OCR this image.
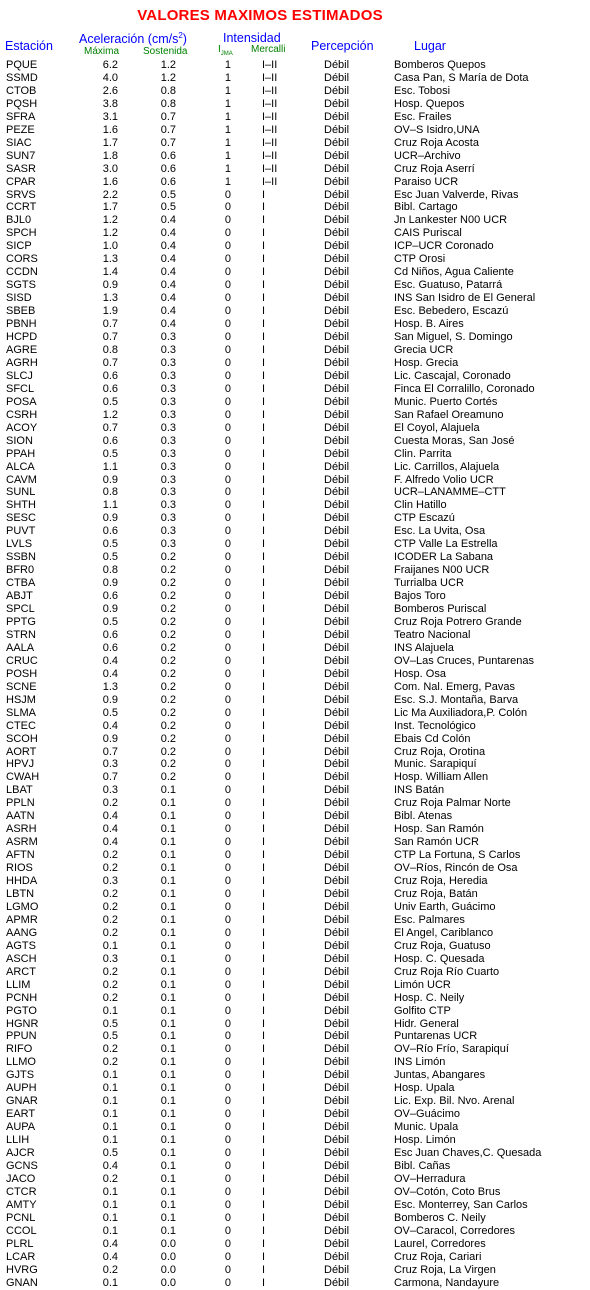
VALORES MAXIMOS ESTIMADOS
Estación Aceleración $(cm/s^2)$
Máxima Sostenida
Intensidad
$I_{JMA}$ Mercalli Percepción	Lugar
PQUE	6.2	1.2	1	I–II	Débil	Bomberos Quepos
SSMD	4.0	1.2	1	I–II	Débil	Casa Pan, S María de Dota
CTOB	2.6	0.8	1	I–II	Débil	Esc. Tobosi
PQSH	3.8	0.8	1	I–II	Débil	Hosp. Quepos
SFRA	3.1	0.7	1	I–II	Débil	Esc. Frailes
PEZE	1.6	0.7	1	I–II	Débil	OV–S Isidro,UNA
SIAC	1.7	0.7	1	I–II	Débil	Cruz Roja Acosta
SUN7	1.8	0.6	1	I–II	Débil	UCR–Archivo
SASR	3.0	0.6	1	I–II	Débil	Cruz Roja Aserrí
CPAR	1.6	0.6	1	I–II	Débil	Paraiso UCR
SRVS	2.2	0.5	0	I	Débil	Esc Juan Valverde, Rivas
CCRT	1.7	0.5	0	I	Débil	Bibl. Cartago
BJL0	1.2	0.4	0	I	Débil	Jn Lankester N00 UCR
SPCH	1.2	0.4	0	I	Débil	CAIS Puriscal
SICP	1.0	0.4	0	I	Débil	ICP–UCR Coronado
CORS	1.3	0.4	0	I	Débil	CTP Orosi
CCDN	1.4	0.4	0	I	Débil	Cd Niños, Agua Caliente
SGTS	0.9	0.4	0	I	Débil	Esc. Guatuso, Patarrá
SISD	1.3	0.4	0	I	Débil	INS San Isidro de El General
SBEB	1.9	0.4	0	I	Débil	Esc. Bebedero, Escazú
PBNH	0.7	0.4	0	I	Débil	Hosp. B. Aires
HCPD	0.7	0.3	0	I	Débil	San Miguel, S. Domingo
AGRE	0.8	0.3	0	I	Débil	Grecia UCR
AGRH	0.7	0.3	0	I	Débil	Hosp. Grecia
SLCJ	0.6	0.3	0	I	Débil	Lic. Cascajal, Coronado
SFCL	0.6	0.3	0	I	Débil	Finca El Corralillo, Coronado
POSA	0.5	0.3	0	I	Débil	Munic. Puerto Cortés
CSRH	1.2	0.3	0	I	Débil	San Rafael Oreamuno
ACOY	0.7	0.3	0	I	Débil	El Coyol, Alajuela
SION	0.6	0.3	0	I	Débil	Cuesta Moras, San José
PPAH	0.5	0.3	0	I	Débil	Clin. Parrita
ALCA	1.1	0.3	0	I	Débil	Lic. Carrillos, Alajuela
CAVM	0.9	0.3	0	I	Débil	F. Alfredo Volio UCR
SUNL	0.8	0.3	0	I	Débil	UCR–LANAMME–CTT
SHTH	1.1	0.3	0	I	Débil	Clin Hatillo
SESC	0.9	0.3	0	I	Débil	CTP Escazú
PUVT	0.6	0.3	0	I	Débil	Esc. La Uvita, Osa
LVLS	0.5	0.3	0	I	Débil	CTP Valle La Estrella
SSBN	0.5	0.2	0	I	Débil	ICODER La Sabana
BFR0	0.8	0.2	0	I	Débil	Fraijanes N00 UCR
CTBA	0.9	0.2	0	I	Débil	Turrialba UCR
ABJT	0.6	0.2	0	I	Débil	Bajos Toro
SPCL	0.9	0.2	0	I	Débil	Bomberos Puriscal
PPTG	0.5	0.2	0	I	Débil	Cruz Roja Potrero Grande
STRN	0.6	0.2	0	I	Débil	Teatro Nacional
AALA	0.6	0.2	0	I	Débil	INS Alajuela
CRUC	0.4	0.2	0	I	Débil	OV–Las Cruces, Puntarenas
POSH	0.4	0.2	0	I	Débil	Hosp. Osa
SCNE	1.3	0.2	0	I	Débil	Com. Nal. Emerg, Pavas
HSJM	0.9	0.2	0	I	Débil	Esc. S.J. Montaña, Barva
SLMA	0.5	0.2	0	I	Débil	Lic Ma Auxiliadora,P. Colón
CTEC	0.4	0.2	0	I	Débil	Inst. Tecnológico
SCOH	0.9	0.2	0	I	Débil	Ebais Cd Colón
AORT	0.7	0.2	0	I	Débil	Cruz Roja, Orotina
HPVJ	0.3	0.2	0	I	Débil	Munic. Sarapiquí
CWAH	0.7	0.2	0	I	Débil	Hosp. William Allen
LBAT	0.3	0.1	0	I	Débil	INS Batán
PPLN	0.2	0.1	0	I	Débil	Cruz Roja Palmar Norte
AATN	0.4	0.1	0	I	Débil	Bibl. Atenas
ASRH	0.4	0.1	0	I	Débil	Hosp. San Ramón
ASRM	0.4	0.1	0	I	Débil	San Ramón UCR
AFTN	0.2	0.1	0	I	Débil	CTP La Fortuna, S Carlos
RIOS	0.2	0.1	0	I	Débil	OV–Ríos, Rincón de Osa
HHDA	0.3	0.1	0	I	Débil	Cruz Roja, Heredia
LBTN	0.2	0.1	0	I	Débil	Cruz Roja, Batán
LGMO	0.2	0.1	0	I	Débil	Univ Earth, Guácimo
APMR	0.2	0.1	0	I	Débil	Esc. Palmares
AANG	0.2	0.1	0	I	Débil	El Angel, Cariblanco
AGTS	0.1	0.1	0	I	Débil	Cruz Roja, Guatuso
ASCH	0.3	0.1	0	I	Débil	Hosp. C. Quesada
ARCT	0.2	0.1	0	I	Débil	Cruz Roja Río Cuarto
LLIM	0.2	0.1	0	I	Débil	Limón UCR
PCNH	0.2	0.1	0	I	Débil	Hosp. C. Neily
PGTO	0.1	0.1	0	I	Débil	Golfito CTP
HGNR	0.5	0.1	0	I	Débil	Hidr. General
PPUN	0.5	0.1	0	I	Débil	Puntarenas UCR
RIFO	0.2	0.1	0	I	Débil	OV–Río Frío, Sarapiquí
LLMO	0.2	0.1	0	I	Débil	INS Limón
GJTS	0.1	0.1	0	I	Débil	Juntas, Abangares
AUPH	0.1	0.1	0	I	Débil	Hosp. Upala
GNAR	0.1	0.1	0	I	Débil	Lic. Exp. Bil. Nvo. Arenal
EART	0.1	0.1	0	I	Débil	OV–Guácimo
AUPA	0.1	0.1	0	I	Débil	Munic. Upala
LLIH	0.1	0.1	0	I	Débil	Hosp. Limón
AJCR	0.5	0.1	0	I	Débil	Esc Juan Chaves,C. Quesada
GCNS	0.4	0.1	0	I	Débil	Bibl. Cañas
JACO	0.2	0.1	0	I	Débil	OV–Herradura
CTCR	0.1	0.1	0	I	Débil	OV–Cotón, Coto Brus
AMTY	0.1	0.1	0	I	Débil	Esc. Monterrey, San Carlos
PCNL	0.1	0.1	0	I	Débil	Bomberos C. Neily
CCOL	0.1	0.1	0	I	Débil	OV–Caracol, Corredores
PLRL	0.4	0.0	0	I	Débil	Laurel, Corredores
LCAR	0.4	0.0	0	I	Débil	Cruz Roja, Cariari
HVRG	0.2	0.0	0	I	Débil	Cruz Roja, La Virgen
GNAN	0.1	0.0	0	I	Débil	Carmona, Nandayure
